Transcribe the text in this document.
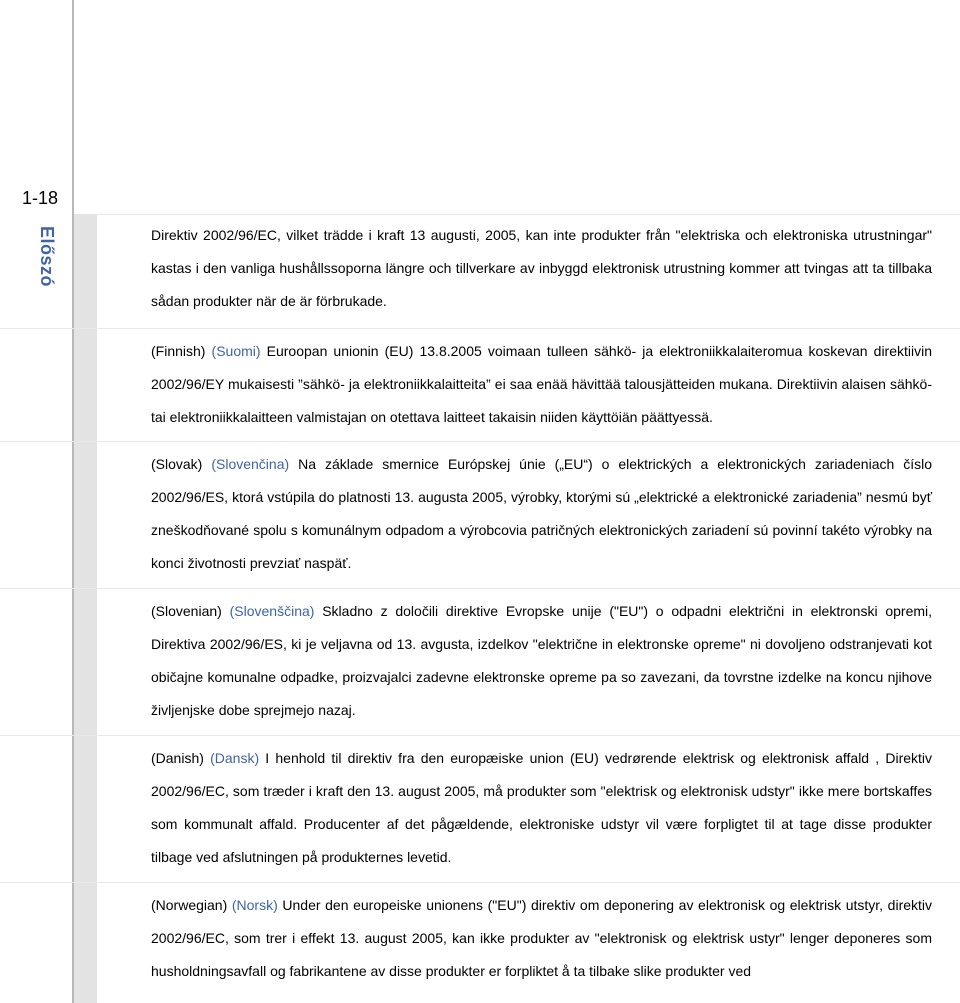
1-18
Előszó	Direktiv 2002/96/EC, vilket trädde i kraft 13 augusti, 2005, kan inte produkter från "elektriska och elektroniska utrustningar" kastas i den vanliga hushållssoporna längre och tillverkare av inbyggd elektronisk utrustning kommer att tvingas att ta tillbaka sådan produkter när de är förbrukade.
(Finnish) (Suomi) Euroopan unionin (EU) 13.8.2005 voimaan tulleen sähkö- ja elektroniikkalaiteromua koskevan direktiivin 2002/96/EY mukaisesti ”sähkö- ja elektroniikkalaitteita” ei saa enää hävittää talousjätteiden mukana. Direktiivin alaisen sähkö- tai elektroniikkalaitteen valmistajan on otettava laitteet takaisin niiden käyttöiän päättyessä.
(Slovak) (Slovenčina) Na základe smernice Európskej únie („EU“) o elektrických a elektronických zariadeniach číslo 2002/96/ES, ktorá vstúpila do platnosti 13. augusta 2005, výrobky, ktorými sú „elektrické a elektronické zariadenia” nesmú byť zneškodňované spolu s komunálnym odpadom a výrobcovia patričných elektronických zariadení sú povinní takéto výrobky na konci životnosti prevziať naspäť.
(Slovenian) (Slovenščina) Skladno z določili direktive Evropske unije ("EU") o odpadni električni in elektronski opremi, Direktiva 2002/96/ES, ki je veljavna od 13. avgusta, izdelkov "električne in elektronske opreme" ni dovoljeno odstranjevati kot običajne komunalne odpadke, proizvajalci zadevne elektronske opreme pa so zavezani, da tovrstne izdelke na koncu njihove življenjske dobe sprejmejo nazaj.
(Danish) (Dansk) I henhold til direktiv fra den europæiske union (EU) vedrørende elektrisk og elektronisk affald , Direktiv 2002/96/EC, som træder i kraft den 13. august 2005, må produkter som "elektrisk og elektronisk udstyr" ikke mere bortskaffes som kommunalt affald. Producenter af det pågældende, elektroniske udstyr vil være forpligtet til at tage disse produkter tilbage ved afslutningen på produkternes levetid.
(Norwegian) (Norsk) Under den europeiske unionens ("EU") direktiv om deponering av elektronisk og elektrisk utstyr, direktiv 2002/96/EC, som trer i effekt 13. august 2005, kan ikke produkter av "elektronisk og elektrisk ustyr" lenger deponeres som husholdningsavfall og fabrikantene av disse produkter er forpliktet å ta tilbake slike produkter ved
